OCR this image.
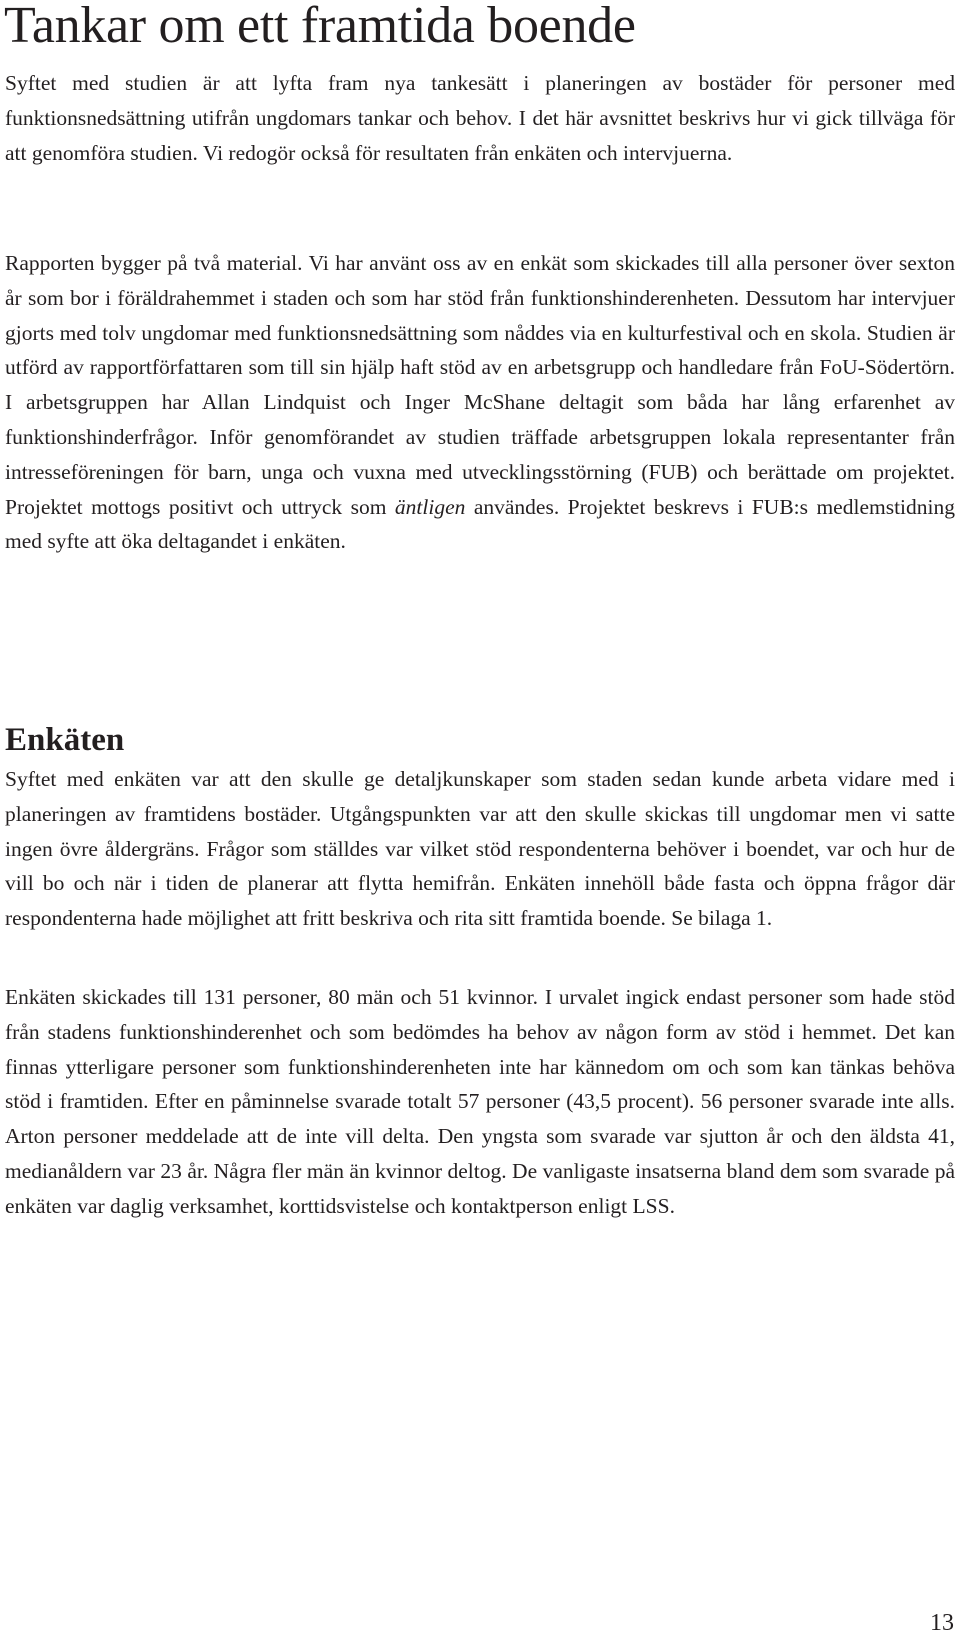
Tankar om ett framtida boende

Syftet med studien är att lyfta fram nya tankesätt i planeringen av bostäder för personer med funktionsnedsättning utifrån ungdomars tankar och behov. I det här avsnittet beskrivs hur vi gick tillväga för att genomföra studien. Vi redogör också för resultaten från enkäten och intervjuerna.

Rapporten bygger på två material. Vi har använt oss av en enkät som skickades till alla personer över sexton år som bor i föräldrahemmet i staden och som har stöd från funktionshinderenheten. Dessutom har intervjuer gjorts med tolv ungdomar med funktionsnedsättning som nåddes via en kulturfestival och en skola. Studien är utförd av rapportförfattaren som till sin hjälp haft stöd av en arbetsgrupp och handledare från FoU-Södertörn. I arbetsgruppen har Allan Lindquist och Inger McShane deltagit som båda har lång erfarenhet av funktionshinderfrågor. Inför genomförandet av studien träffade arbetsgruppen lokala representanter från intresseföreningen för barn, unga och vuxna med utvecklingsstörning (FUB) och berättade om projektet. Projektet mottogs positivt och uttryck som äntligen användes. Projektet beskrevs i FUB:s medlemstidning med syfte att öka deltagandet i enkäten.

Enkäten

Syftet med enkäten var att den skulle ge detaljkunskaper som staden sedan kunde arbeta vidare med i planeringen av framtidens bostäder. Utgångspunkten var att den skulle skickas till ungdomar men vi satte ingen övre åldergräns. Frågor som ställdes var vilket stöd respondenterna behöver i boendet, var och hur de vill bo och när i tiden de planerar att flytta hemifrån. Enkäten innehöll både fasta och öppna frågor där respondenterna hade möjlighet att fritt beskriva och rita sitt framtida boende. Se bilaga 1.

Enkäten skickades till 131 personer, 80 män och 51 kvinnor. I urvalet ingick endast personer som hade stöd från stadens funktionshinderenhet och som bedömdes ha behov av någon form av stöd i hemmet. Det kan finnas ytterligare personer som funktionshinderenheten inte har kännedom om och som kan tänkas behöva stöd i framtiden. Efter en påminnelse svarade totalt 57 personer (43,5 procent). 56 personer svarade inte alls. Arton personer meddelade att de inte vill delta. Den yngsta som svarade var sjutton år och den äldsta 41, medianåldern var 23 år. Några fler män än kvinnor deltog. De vanligaste insatserna bland dem som svarade på enkäten var daglig verksamhet, korttidsvistelse och kontaktperson enligt LSS.

13
